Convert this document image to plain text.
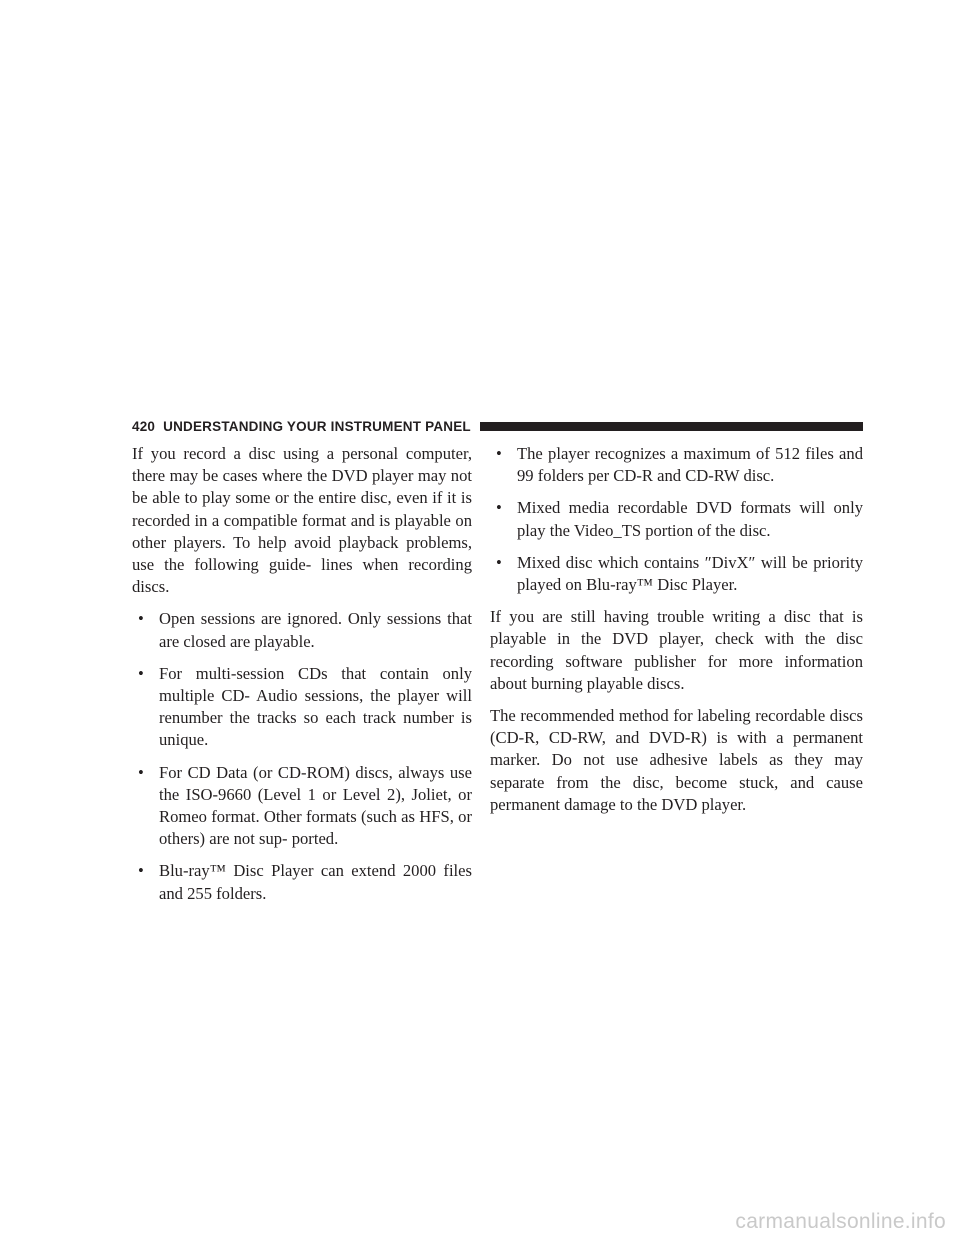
420 UNDERSTANDING YOUR INSTRUMENT PANEL

If you record a disc using a personal computer, there may be cases where the DVD player may not be able to play some or the entire disc, even if it is recorded in a compatible format and is playable on other players. To help avoid playback problems, use the following guide- lines when recording discs.

• Open sessions are ignored. Only sessions that are closed are playable.
• For multi-session CDs that contain only multiple CD- Audio sessions, the player will renumber the tracks so each track number is unique.
• For CD Data (or CD-ROM) discs, always use the ISO-9660 (Level 1 or Level 2), Joliet, or Romeo format. Other formats (such as HFS, or others) are not sup- ported.
• Blu-ray™ Disc Player can extend 2000 files and 255 folders.
• The player recognizes a maximum of 512 files and 99 folders per CD-R and CD-RW disc.
• Mixed media recordable DVD formats will only play the Video_TS portion of the disc.
• Mixed disc which contains ″DivX″ will be priority played on Blu-ray™ Disc Player.

If you are still having trouble writing a disc that is playable in the DVD player, check with the disc recording software publisher for more information about burning playable discs.

The recommended method for labeling recordable discs (CD-R, CD-RW, and DVD-R) is with a permanent marker. Do not use adhesive labels as they may separate from the disc, become stuck, and cause permanent damage to the DVD player.

carmanualsonline.info
